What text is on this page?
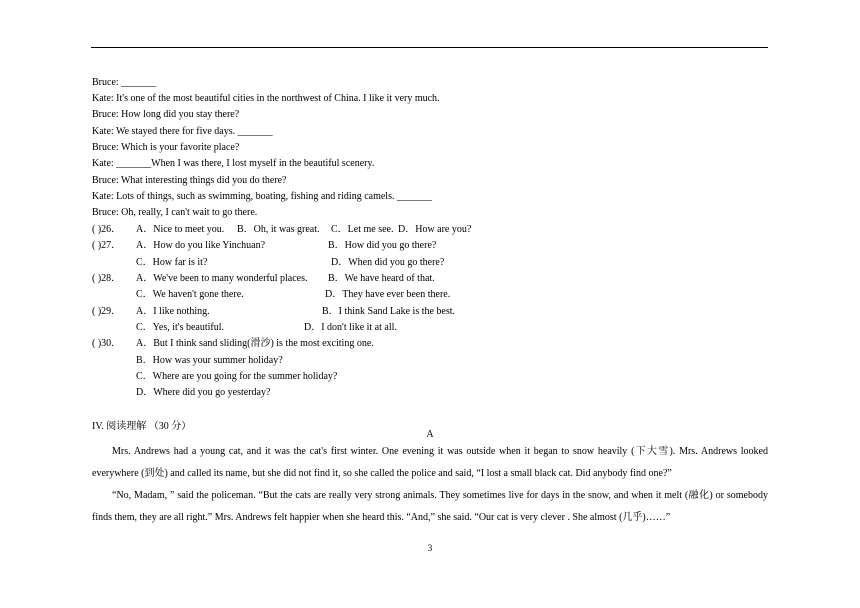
Bruce: _______
Kate: It's one of the most beautiful cities in the northwest of China. I like it very much.
Bruce: How long did you stay there?
Kate: We stayed there for five days. _______
Bruce: Which is your favorite place?
Kate: _______When I was there, I lost myself in the beautiful scenery.
Bruce: What interesting things did you do there?
Kate: Lots of things, such as swimming, boating, fishing and riding camels. _______
Bruce: Oh, really, I can't wait to go there.
( )26． A．Nice to meet you. B．Oh, it was great. C．Let me see. D．How are you?
( )27． A．How do you like Yinchuan?	B．How did you go there?
C．How far is it?	D．When did you go there?
( )28． A．We've been to many wonderful places. B．We have heard of that.
C．We haven't gone there.	D．They have ever been there.
( )29． A．I like nothing.	B．I think Sand Lake is the best.
C．Yes, it's beautiful.	D．I don't like it at all.
( )30． A．But I think sand sliding(滑沙) is the most exciting one.
B．How was your summer holiday?
C．Where are you going for the summer holiday?
D．Where did you go yesterday?
IV. 阅读理解 （30 分）
A
Mrs. Andrews had a young cat, and it was the cat's first winter. One evening it was outside when it began to snow heavily (下大雪). Mrs. Andrews looked everywhere (到处) and called its name, but she did not find it, so she called the police and said, “I lost a small black cat. Did anybody find one?”
“No, Madam, ” said the policeman. “But the cats are really very strong animals. They sometimes live for days in the snow, and when it melt (融化) or somebody finds them, they are all right.” Mrs. Andrews felt happier when she heard this. “And,” she said. “Our cat is very clever . She almost (几乎)……”
3
